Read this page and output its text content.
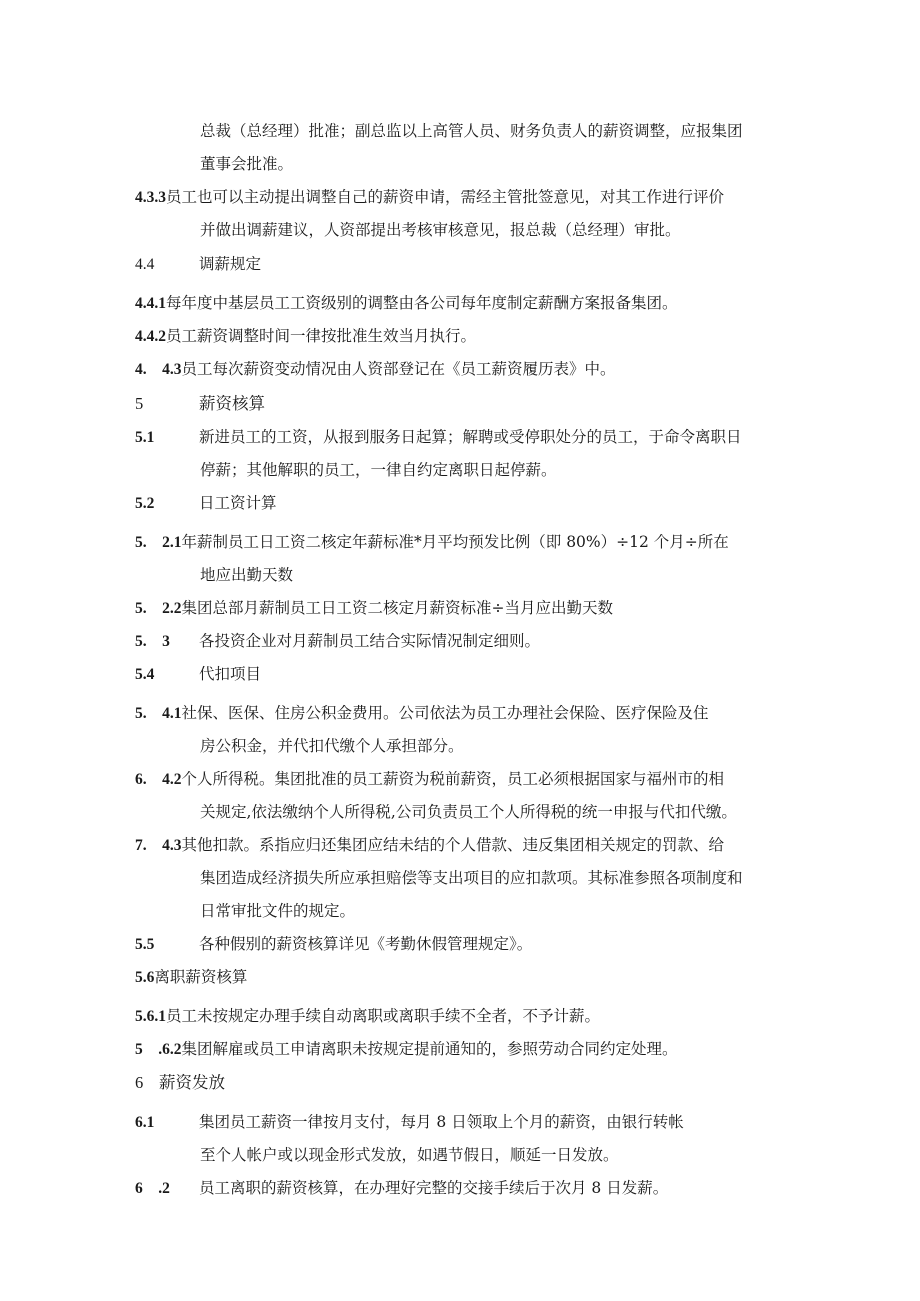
总裁（总经理）批准；副总监以上高管人员、财务负责人的薪资调整，应报集团
董事会批准。
4.3.3员工也可以主动提出调整自己的薪资申请，需经主管批签意见，对其工作进行评价
并做出调薪建议，人资部提出考核审核意见，报总裁（总经理）审批。
4.4	调薪规定
4.4.1每年度中基层员工工资级别的调整由各公司每年度制定薪酬方案报备集团。
4.4.2员工薪资调整时间一律按批准生效当月执行。
4.　4.3员工每次薪资变动情况由人资部登记在《员工薪资履历表》中。
5	薪资核算
5.1	新进员工的工资，从报到服务日起算；解聘或受停职处分的员工，于命令离职日
停薪；其他解职的员工，一律自约定离职日起停薪。
5.2	日工资计算
5.　2.1年薪制员工日工资二核定年薪标准*月平均预发比例（即 80%）÷12 个月÷所在
地应出勤天数
5.　2.2集团总部月薪制员工日工资二核定月薪资标准÷当月应出勤天数
5.　3 各投资企业对月薪制员工结合实际情况制定细则。
5.4	代扣项目
5.　4.1社保、医保、住房公积金费用。公司依法为员工办理社会保险、医疗保险及住
房公积金，并代扣代缴个人承担部分。
6.　4.2个人所得税。集团批准的员工薪资为税前薪资，员工必须根据国家与福州市的相
关规定,依法缴纳个人所得税,公司负责员工个人所得税的统一申报与代扣代缴。
7.　4.3其他扣款。系指应归还集团应结未结的个人借款、违反集团相关规定的罚款、给
集团造成经济损失所应承担赔偿等支出项目的应扣款项。其标准参照各项制度和
日常审批文件的规定。
5.5	各种假别的薪资核算详见《考勤休假管理规定》。
5.6离职薪资核算
5.6.1员工未按规定办理手续自动离职或离职手续不全者，不予计薪。
5　.6.2集团解雇或员工申请离职未按规定提前通知的，参照劳动合同约定处理。
6 薪资发放
6.1	集团员工薪资一律按月支付，每月 8 日领取上个月的薪资，由银行转帐
至个人帐户或以现金形式发放，如遇节假日，顺延一日发放。
6　.2 员工离职的薪资核算，在办理好完整的交接手续后于次月 8 日发薪。
